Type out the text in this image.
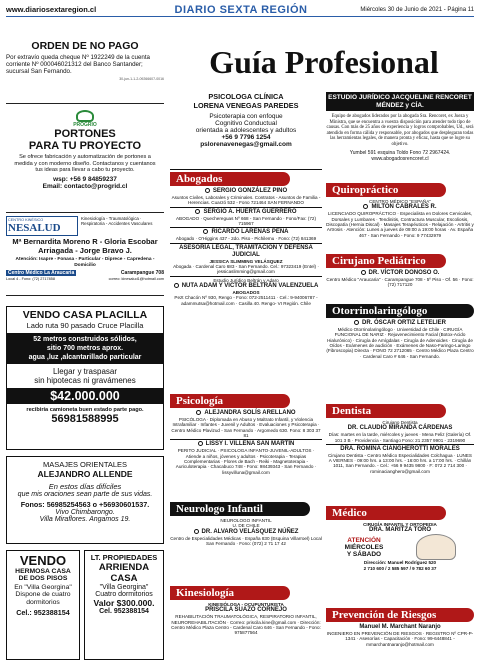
www.diariosextaregion.cl	DIARIO SEXTA REGIÓN	Miércoles 30 de Junio de 2021 - Página 11
ORDEN DE NO PAGO
Por extravío queda cheque Nº 1922249 de la cuenta corriente Nº 000046021312 del Banco Santander; sucursal San Fernando.
30-jun-1-1-2-09266607-0016
PROGRIO
PORTONES
PARA TU PROYECTO
Se ofrece fabricación y automatización de portones a medida y con moderno diseño. Contactanos y cuentanos tus ideas para llevar a cabo tu proyecto.
wsp: +56 9 84859237
Email: contacto@progrid.cl
CENTRO KINÉSICO
NESALUD
Kinesiología - Traumatológica · Respiratoria - Accidentes Vasculares
Mª Bernardita Moreno R - Gloria Escobar Arriagada - Jorge Bravo J.
Atención: Isapre - Fonasa - Particular - Diprece - Capredena - Domicilio
Centro Médico La Araucaria	Carampangue 708
Local 4 - Fono: (72) 2717858	correo: kinesalud1@hotmail.com
VENDO CASA PLACILLA
Lado ruta 90 pasado Cruce Placilla
52 metros construidos sólidos,
sitio 700 metros aprox.
agua ,luz ,alcantarillado particular
Llegar y traspasar
sin hipotecas ni gravámenes
$42.000.000
recibiría camioneta buen estado parte pago.
56981588995
MASAJES ORIENTALES
ALEJANDRO ALLENDE
En estos días difíciles
que mis oraciones sean parte de sus vidas.
Fonos: 56985254563 o +56930601537.
Vivo Chimbarongo.
Villa Miraflores. Angamos 19.
VENDO
HERMOSA CASA
DE DOS PISOS
En "Villa Georgina"
Dispone de cuatro dormitorios
Cel.: 952388154
LT. PROPIEDADES
ARRIENDA
CASA
"Villa Georgina"
Cuatro dormitorios
Valor $300.000.
Cel. 952388154
Guía Profesional
PSICOLOGA CLÍNICA
LORENA VENEGAS PAREDES
Psicoterapia con enfoque
Cognitivo Conductual
orientada a adolescentes y adultos
+56 9 7796 1254
pslorenavenegas@gmail.com
Abogados
SERGIO GONZÁLEZ PINO
Asuntos Civiles, Laborales y Criminales. Contratos - Asuntos de Familia - Herencias. Cuarzó 532 - Fono 721464 SAN FERNANDO
SERGIO A. HUERTA GUERRERO
ABOGADO · Quechereguas Nº 668 - San Fernando · Fono/Fax: (72) 715967
RICARDO LARENAS PEÑA
Abogado · O'Higgins 437 - 2do. Piso - Pichilemu · Fono: (72) 841369
ASESORÍA LEGAL, TRAMITACIÓN Y DEFENSA JUDICIAL
JESSICA SLIMMING VELÁSQUEZ
Abogada · Cardenal Caro 683 - San Fernando. Cel.: 97323419 (Entel) · jessicaslimming@gmail.com
Estudio Jurídico Beltrán y Adaro
NUTA ADAM Y VICTOR BELTRÁN VALENZUELA
ABOGADOS
Pezt Chacón Nº 930, Rengo - Fono: 072-2511411 · Cel.: 9-94006787 - adammutsa@hotmail.com · Casilla 40. Rengo- VI Región. Chile
Psicología
ALEJANDRA SOLÍS ARELLANO
PSICÓLOGA · Diplomada en Abuso y Maltrato Infantil, y Violencia Intrafamiliar · Infantes - Juvenil y Adultos · Evaluaciones y Psicoterapia · Centro Médico Plavizud - San Fernando · Argomedo 630. Fono: 8 303 37 81
LISSY I. VILLENA SAN MARTÍN
PERITO JUDICIAL · PSICOLOGA INFANTO-JUVENIL-ADULTOS · Atiende a niños, jóvenes y adultos · Psicoterapia - Terapias Complementarias · Flores de Bach - Reiki - Magnetoterapia - Auriculoterapia · Chacabuco 748 - Fono: 98439343 - San Fernando · lissyvilluna@gmail.com
Neurologo Infantil
NEUROLOGO INFANTIL
U. DE CHILE
DR. ALVARO VELÁSQUEZ NÚÑEZ
Centro de Especialidades Médicas · España 830 (Esquina Villarroel) Local San Fernando · Fono: (072) 2 71 17 42
Kinesiología
KINESIÓLOGA - OCUPUNTURISTA
PRISCILA SUAZO CORNEJO
REHABILITACIÓN TRAUMATOLÓGICA, RESPIRATORIO INFANTIL, NEUROREHABILITACIÓN · Correo: priscila.kine@gmail.com · Dirección: Centro Médico Plaza Centro - Cardenal Caro 646 - San Fernando - Fono: 975877564
ESTUDIO JURÍDICO JACQUELINE RENCORET MÉNDEZ y CÍA.
Equipo de abogados liderados por la abogada Sra. Rencoret, ex Jueza y Ministra, que se encuentra a vuestra disposición para atender todo tipo de causas. Con más de 25 años de experiencia y logros comprobables, Ud., será atendido en forma cálida y responsable, por abogados que desplegaran todas las herramientas legales, de manera pronta y eficaz, hasta que se logre su objetivo.
Yumbel 591 esquina Toldo Fono 72 2967424.
www.abogadosrencoret.cl
Quiropráctico
CENTRO MÉDICO "ESPAÑA"
MILTON CABRALES R.
LICENCIADO QUIROPRÁCTICO · Especialista en Dolores Cervicales, Dorsales y Lumbares · Tendinitis, Contractura Muscular, Escoliosis, Discopatía (Hernia Discal) · Masajes Terapéuticos - Relajación - Artritis y Artrosis · Atención: Lunes a jueves de 09:00 a 19:00 horas · Av. España 467 - San Fernando - Fono: 9 77432979
Cirujano Pediátrico
DR. VÍCTOR DONOSO O.
Centro Médico "Araucaria" · Carampangue 708 - 5º Piso - Of. 56 · Fono: (72) 717120
Otorrinolaringólogo
DR. ÓSCAR ORTIZ LETELIER
Médico Otorrinolaringólogo · Universidad de Chile · CIRUGÍA FUNCIONAL DE NARIZ · Rejuvenecimiento Facial (Botox-Acido Hialurónico) · Cirugía de Amígdalas - Cirugía de Adenoides · Cirugía de Oídos - Exámenes de audición · Exámenes de Naso-Faringo-Laringo (Fibroscopia) Directa · FONO 72 2712065 · Centro Médico Plaza Centro · Cardenal Caro # 646 - San Fernando.
Dentista
Cirujano Dentista
DR. CLAUDIO MIRANDA CÁRDENAS
Días: martes en la tarde, miércoles y jueves · Mena Feliz (Galería) Of. 101 3 B · Providencia - Santiago Fono: 21 2357 9901 - 2319690
DRA. ROMINA CIANGHEROTTI MORALES
Cirujano Dentista - Centro Médico Especialidades Colchagua · LUNES A VIERNES · 09:00 hrs. a 13:00 hrs. - 16:00 hrs. a 17:00 hrs. · Chillán 1011, San Fernando. - Cel.: +56 9 9435 9800 · F: 072 2 714 300 · rominacianghero@gmail.com
Médico
CIRUGÍA INFANTIL Y ORTOPEDIA
DRA. MARITZA TORO
ATENCIÓN
MIÉRCOLES
Y SÁBADO
Dirección: Manuel Rodríguez 520
2 710 600 / 2 585 597 / 9 782 60 37
Prevención de Riesgos
Manuel M. Marchant Naranjo
INGENIERO EN PREVENCIÓN DE RIESGOS · REGISTRO Nº CPR-P-1341 · Asesorías - Capacitación · Fono: 99-6448841 - mmarchantnaranjo@hotmail.com
